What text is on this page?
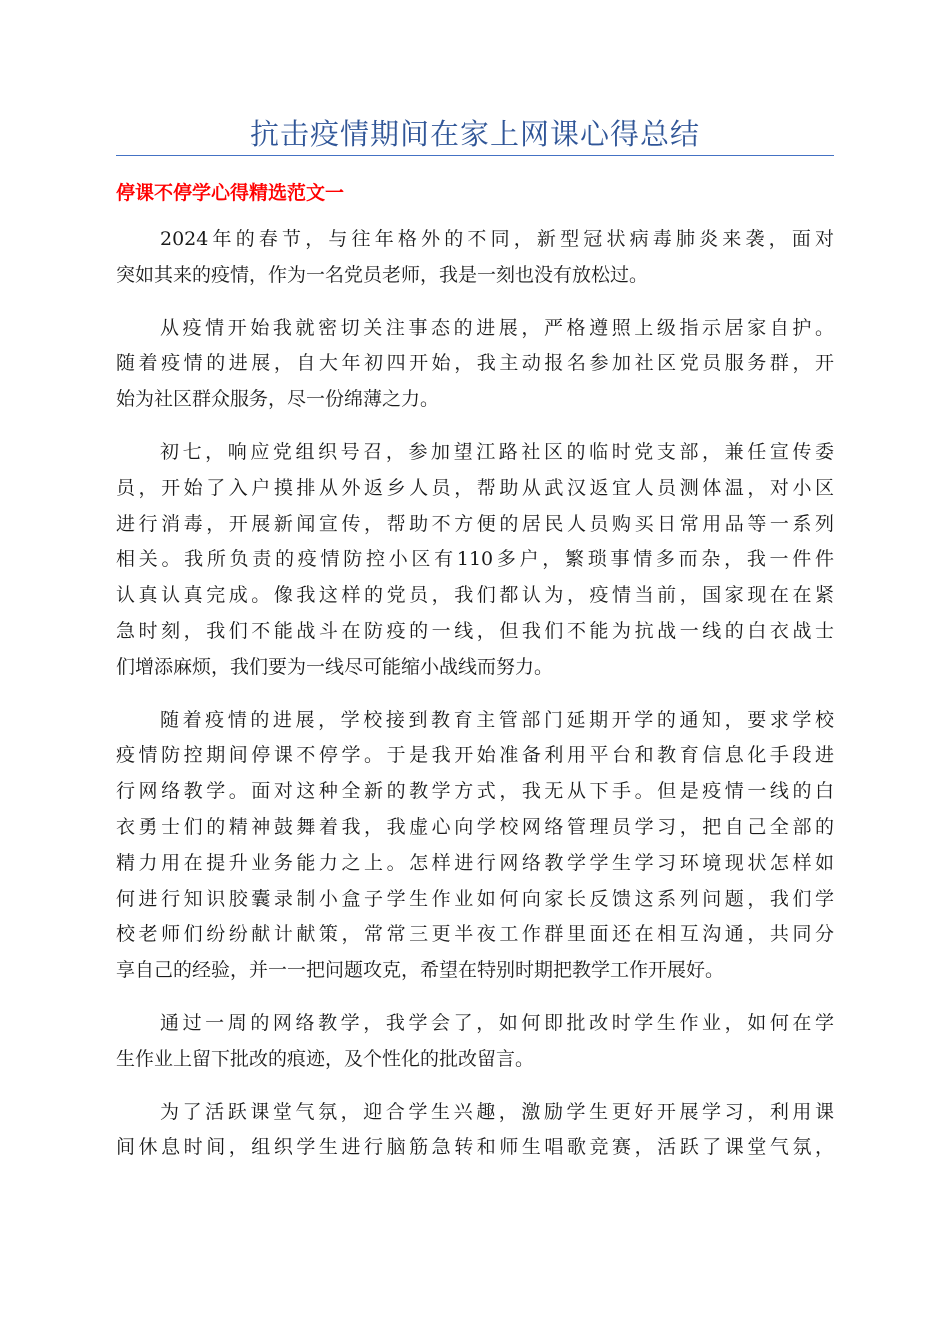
抗击疫情期间在家上网课心得总结
停课不停学心得精选范文一
2024年的春节，与往年格外的不同，新型冠状病毒肺炎来袭，面对
突如其来的疫情，作为一名党员老师，我是一刻也没有放松过。
从疫情开始我就密切关注事态的进展，严格遵照上级指示居家自护。
随着疫情的进展，自大年初四开始，我主动报名参加社区党员服务群，开
始为社区群众服务，尽一份绵薄之力。
初七，响应党组织号召，参加望江路社区的临时党支部，兼任宣传委
员，开始了入户摸排从外返乡人员，帮助从武汉返宜人员测体温，对小区
进行消毒，开展新闻宣传，帮助不方便的居民人员购买日常用品等一系列
相关。我所负责的疫情防控小区有110多户，繁琐事情多而杂，我一件件
认真认真完成。像我这样的党员，我们都认为，疫情当前，国家现在在紧
急时刻，我们不能战斗在防疫的一线，但我们不能为抗战一线的白衣战士
们增添麻烦，我们要为一线尽可能缩小战线而努力。
随着疫情的进展，学校接到教育主管部门延期开学的通知，要求学校
疫情防控期间停课不停学。于是我开始准备利用平台和教育信息化手段进
行网络教学。面对这种全新的教学方式，我无从下手。但是疫情一线的白
衣勇士们的精神鼓舞着我，我虚心向学校网络管理员学习，把自己全部的
精力用在提升业务能力之上。怎样进行网络教学学生学习环境现状怎样如
何进行知识胶囊录制小盒子学生作业如何向家长反馈这系列问题，我们学
校老师们纷纷献计献策，常常三更半夜工作群里面还在相互沟通，共同分
享自己的经验，并一一把问题攻克，希望在特别时期把教学工作开展好。
通过一周的网络教学，我学会了，如何即批改时学生作业，如何在学
生作业上留下批改的痕迹，及个性化的批改留言。
为了活跃课堂气氛，迎合学生兴趣，激励学生更好开展学习，利用课
间休息时间，组织学生进行脑筋急转和师生唱歌竞赛，活跃了课堂气氛，
